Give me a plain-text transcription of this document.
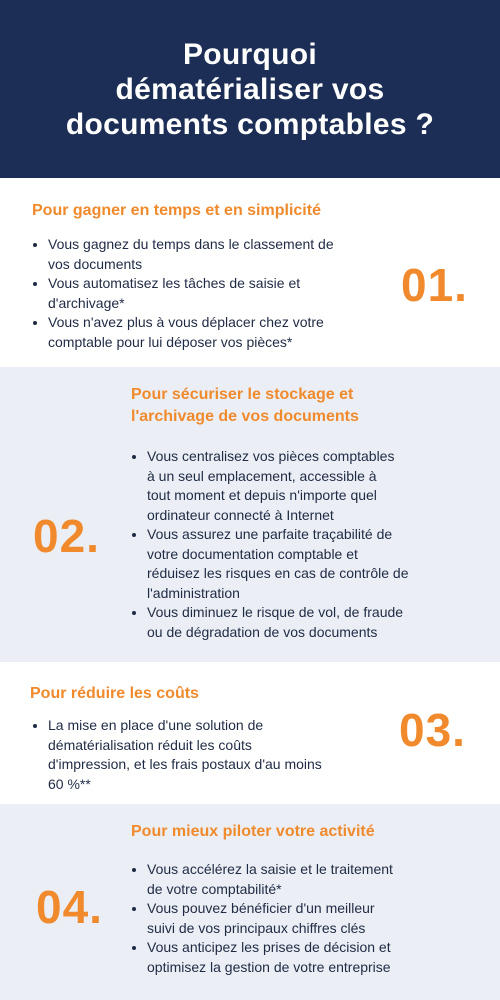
Pourquoi
dématérialiser vos
documents comptables ?
Pour gagner en temps et en simplicité
• Vous gagnez du temps dans le classement de
vos documents
• Vous automatisez les tâches de saisie et
d'archivage*
• Vous n'avez plus à vous déplacer chez votre
comptable pour lui déposer vos pièces*
01.
Pour sécuriser le stockage et
l'archivage de vos documents
• Vous centralisez vos pièces comptables
à un seul emplacement, accessible à
tout moment et depuis n'importe quel
ordinateur connecté à Internet
• Vous assurez une parfaite traçabilité de
votre documentation comptable et
réduisez les risques en cas de contrôle de
l'administration
• Vous diminuez le risque de vol, de fraude
ou de dégradation de vos documents
02.
Pour réduire les coûts
• La mise en place d'une solution de
dématérialisation réduit les coûts
d'impression, et les frais postaux d'au moins
60 %**
03.
Pour mieux piloter votre activité
• Vous accélérez la saisie et le traitement
de votre comptabilité*
• Vous pouvez bénéficier d'un meilleur
suivi de vos principaux chiffres clés
• Vous anticipez les prises de décision et
optimisez la gestion de votre entreprise
04.
